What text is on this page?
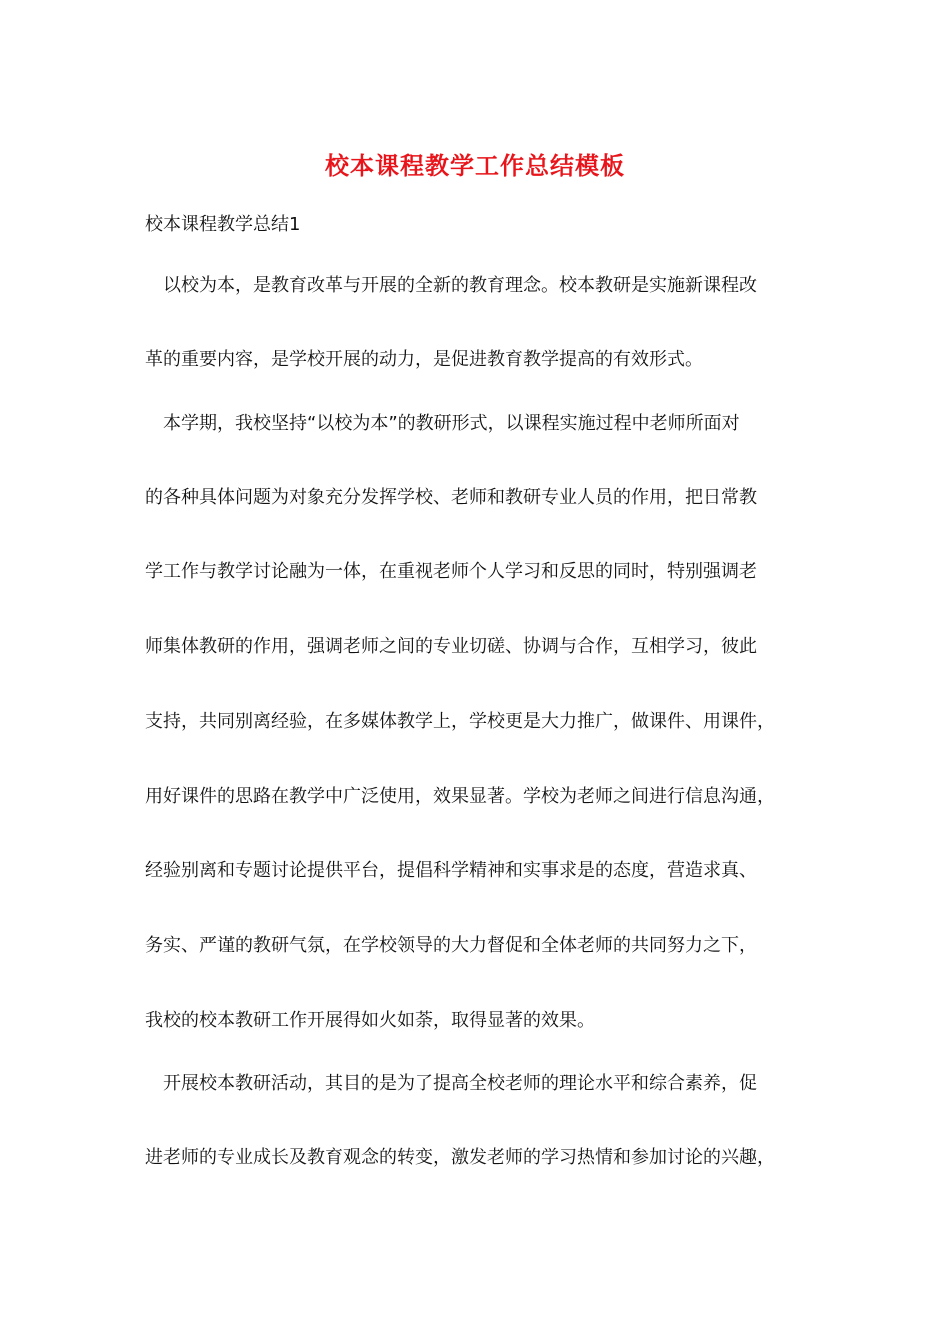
校本课程教学工作总结模板
校本课程教学总结1
以校为本，是教育改革与开展的全新的教育理念。校本教研是实施新课程改
革的重要内容，是学校开展的动力，是促进教育教学提高的有效形式。
本学期，我校坚持“以校为本”的教研形式，以课程实施过程中老师所面对
的各种具体问题为对象充分发挥学校、老师和教研专业人员的作用，把日常教
学工作与教学讨论融为一体，在重视老师个人学习和反思的同时，特别强调老
师集体教研的作用，强调老师之间的专业切磋、协调与合作，互相学习，彼此
支持，共同别离经验，在多媒体教学上，学校更是大力推广，做课件、用课件，
用好课件的思路在教学中广泛使用，效果显著。学校为老师之间进行信息沟通，
经验别离和专题讨论提供平台，提倡科学精神和实事求是的态度，营造求真、
务实、严谨的教研气氛，在学校领导的大力督促和全体老师的共同努力之下，
我校的校本教研工作开展得如火如荼，取得显著的效果。
开展校本教研活动，其目的是为了提高全校老师的理论水平和综合素养，促
进老师的专业成长及教育观念的转变，激发老师的学习热情和参加讨论的兴趣，
